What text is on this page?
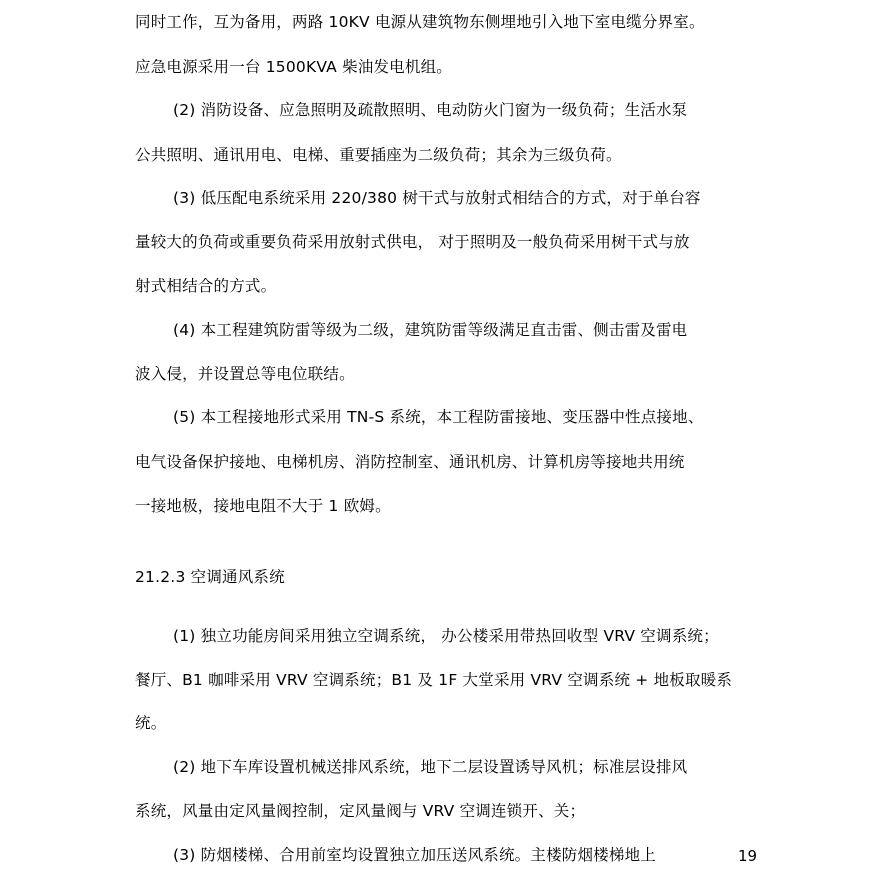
同时工作，互为备用，两路 10KV 电源从建筑物东侧埋地引入地下室电缆分界室。
应急电源采用一台 1500KVA 柴油发电机组。
(2) 消防设备、应急照明及疏散照明、电动防火门窗为一级负荷；生活水泵
公共照明、通讯用电、电梯、重要插座为二级负荷；其余为三级负荷。
(3) 低压配电系统采用 220/380 树干式与放射式相结合的方式，对于单台容
量较大的负荷或重要负荷采用放射式供电， 对于照明及一般负荷采用树干式与放
射式相结合的方式。
(4) 本工程建筑防雷等级为二级，建筑防雷等级满足直击雷、侧击雷及雷电
波入侵，并设置总等电位联结。
(5) 本工程接地形式采用 TN-S 系统，本工程防雷接地、变压器中性点接地、
电气设备保护接地、电梯机房、消防控制室、通讯机房、计算机房等接地共用统
一接地极，接地电阻不大于 1 欧姆。
21.2.3 空调通风系统
(1) 独立功能房间采用独立空调系统， 办公楼采用带热回收型 VRV 空调系统；
餐厅、B1 咖啡采用 VRV 空调系统；B1 及 1F 大堂采用 VRV 空调系统 + 地板取暖系
统。
(2) 地下车库设置机械送排风系统，地下二层设置诱导风机；标准层设排风
系统，风量由定风量阀控制，定风量阀与 VRV 空调连锁开、关；
(3) 防烟楼梯、合用前室均设置独立加压送风系统。主楼防烟楼梯地上	19
